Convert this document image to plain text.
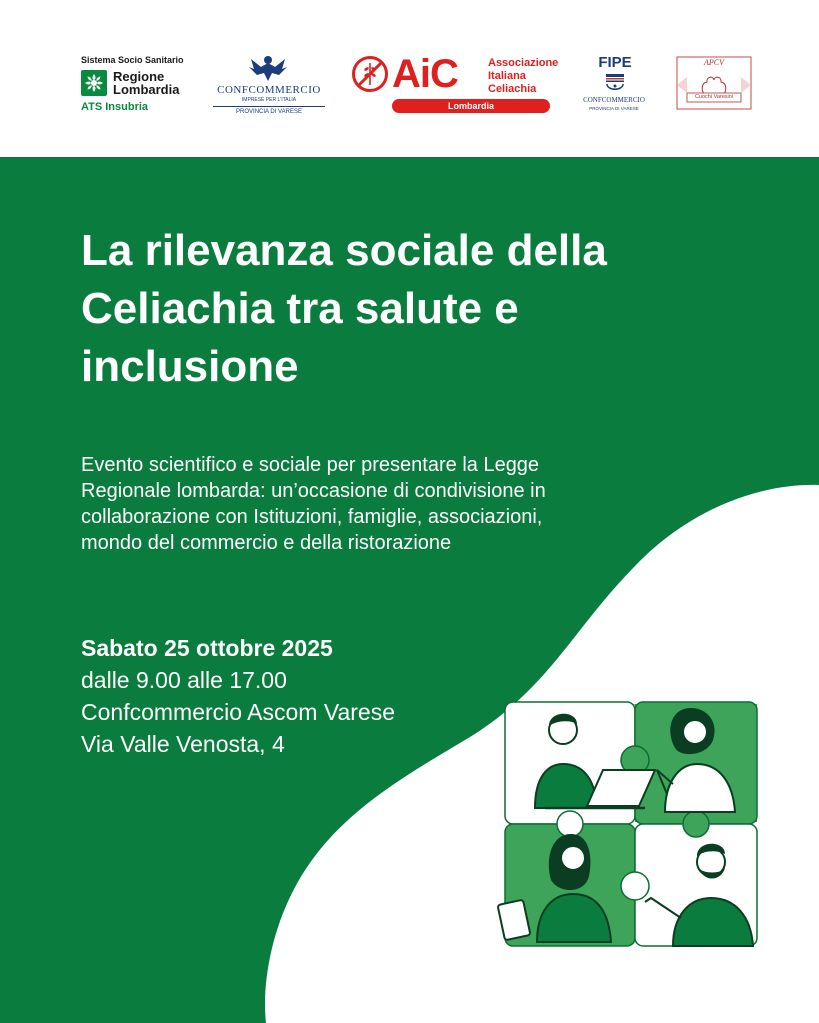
Sistema Socio Sanitario
Regione
Lombardia
ATS Insubria
CONFCOMMERCIO
IMPRESE PER L'ITALIA
PROVINCIA DI VARESE
AiC	Associazione
Italiana
Celiachia
Lombardia
FIPE
CONFCOMMERCIO
PROVINCIA DI VARESE
APCV
Cuochi Varesini
La rilevanza sociale della Celiachia tra salute e inclusione

Evento scientifico e sociale per presentare la Legge Regionale lombarda: un’occasione di condivisione in collaborazione con Istituzioni, famiglie, associazioni, mondo del commercio e della ristorazione

Sabato 25 ottobre 2025
dalle 9.00 alle 17.00
Confcommercio Ascom Varese
Via Valle Venosta, 4
